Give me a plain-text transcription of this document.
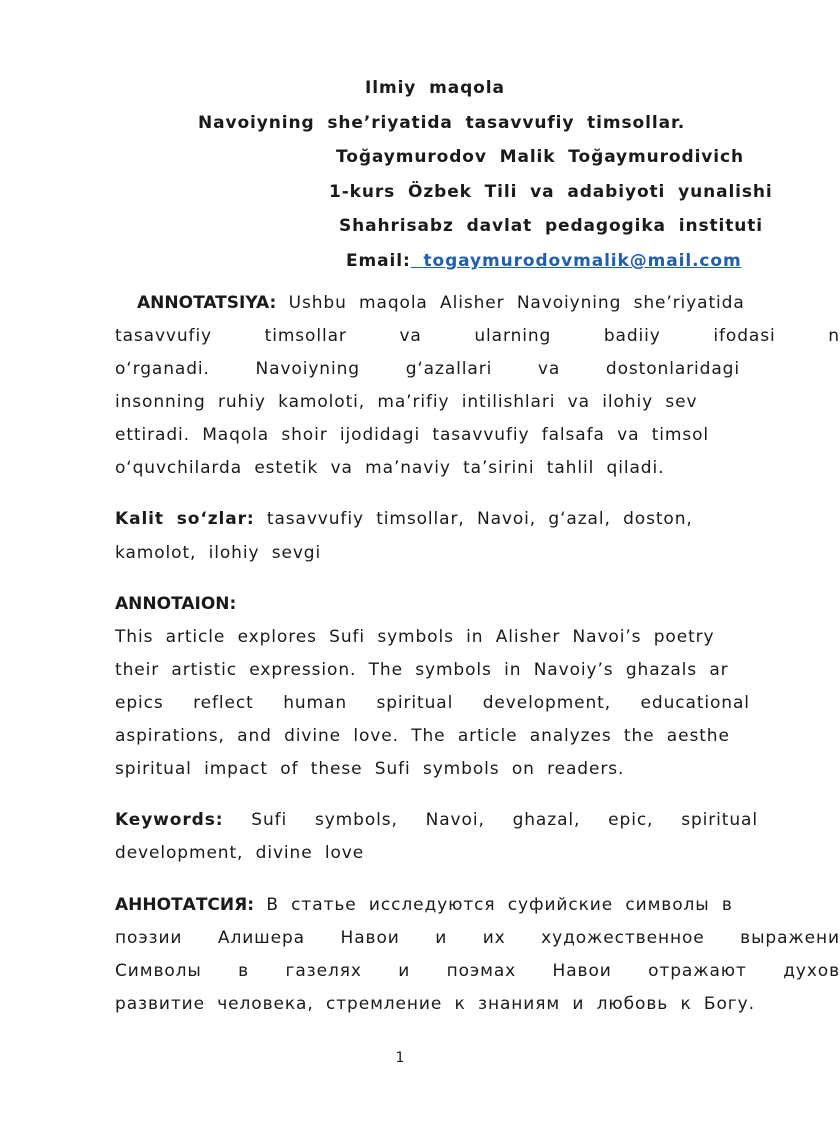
Ilmiy maqola
Navoiyning she’riyatida tasavvufiy timsollar.
Toğaymurodov Malik Toğaymurodivich
1-kurs Özbek Tili va adabiyoti yunalishi
Shahrisabz davlat pedagogika instituti
Email: togaymurodovmalik@mail.com
ANNOTATSIYA: Ushbu maqola Alisher Navoiyning she’riyatida
tasavvufiy	timsollar	va	ularning	badiiy	ifodasi	n
o‘rganadi.	Navoiyning	g‘azallari	va	dostonlaridagi
insonning ruhiy kamoloti, ma’rifiy intilishlari va ilohiy sev
ettiradi. Maqola shoir ijodidagi tasavvufiy falsafa va timsol
o‘quvchilarda estetik va ma’naviy ta’sirini tahlil qiladi.
Kalit so‘zlar: tasavvufiy timsollar, Navoi, g‘azal, doston,
kamolot, ilohiy sevgi
ANNOTAION:
This article explores Sufi symbols in Alisher Navoi’s poetry
their artistic expression. The symbols in Navoiy’s ghazals ar
epics reflect human spiritual development, educational
aspirations, and divine love. The article analyzes the aesthe
spiritual impact of these Sufi symbols on readers.
Keywords: Sufi symbols, Navoi, ghazal, epic, spiritual
development, divine love
АННОТАТСИЯ: В статье исследуются суфийские символы в
поэзии Алишера Навои и их художественное выражени
Символы в газелях и поэмах Навои отражают духов
развитие человека, стремление к знаниям и любовь к Богу.
1
